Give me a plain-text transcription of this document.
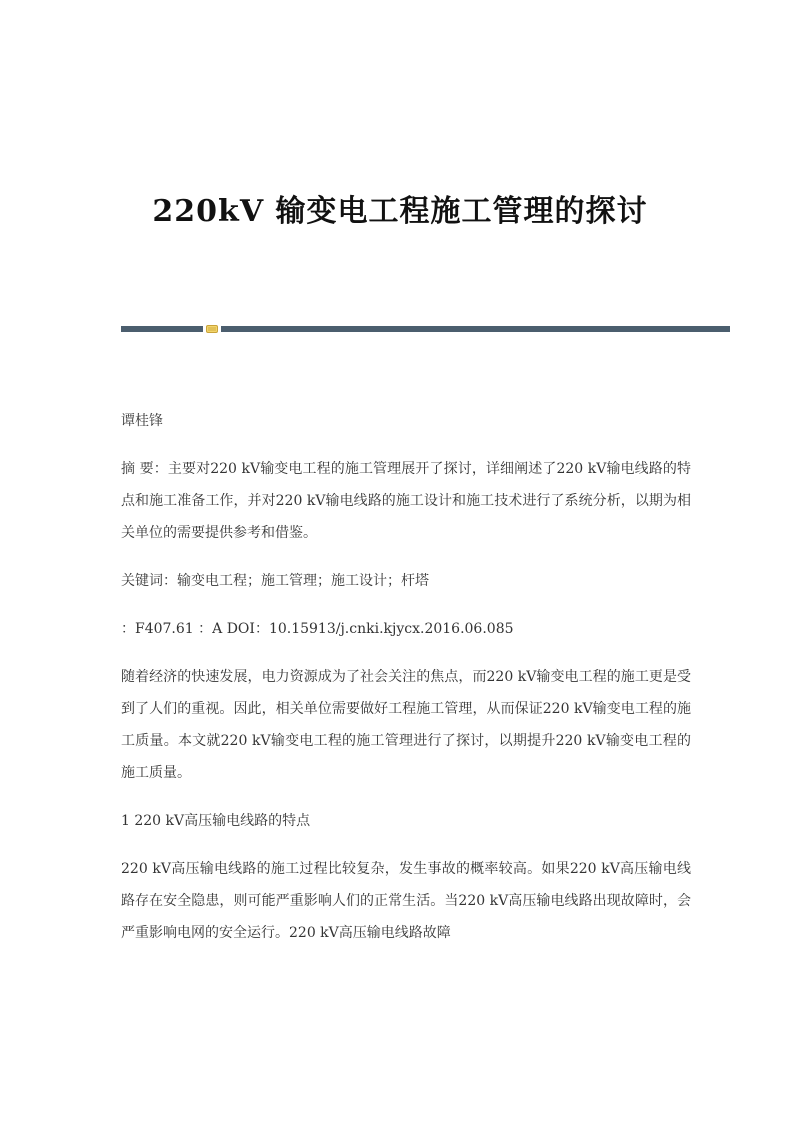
220kV 输变电工程施工管理的探讨

谭桂锋

摘 要：主要对220 kV输变电工程的施工管理展开了探讨，详细阐述了220 kV输电线路的特点和施工准备工作，并对220 kV输电线路的施工设计和施工技术进行了系统分析，以期为相关单位的需要提供参考和借鉴。

关键词：输变电工程；施工管理；施工设计；杆塔

：F407.61 ：A DOI：10.15913/j.cnki.kjycx.2016.06.085

随着经济的快速发展，电力资源成为了社会关注的焦点，而220 kV输变电工程的施工更是受到了人们的重视。因此，相关单位需要做好工程施工管理，从而保证220 kV输变电工程的施工质量。本文就220 kV输变电工程的施工管理进行了探讨，以期提升220 kV输变电工程的施工质量。

1 220 kV高压输电线路的特点

220 kV高压输电线路的施工过程比较复杂，发生事故的概率较高。如果220 kV高压输电线路存在安全隐患，则可能严重影响人们的正常生活。当220 kV高压输电线路出现故障时，会严重影响电网的安全运行。220 kV高压输电线路故障
